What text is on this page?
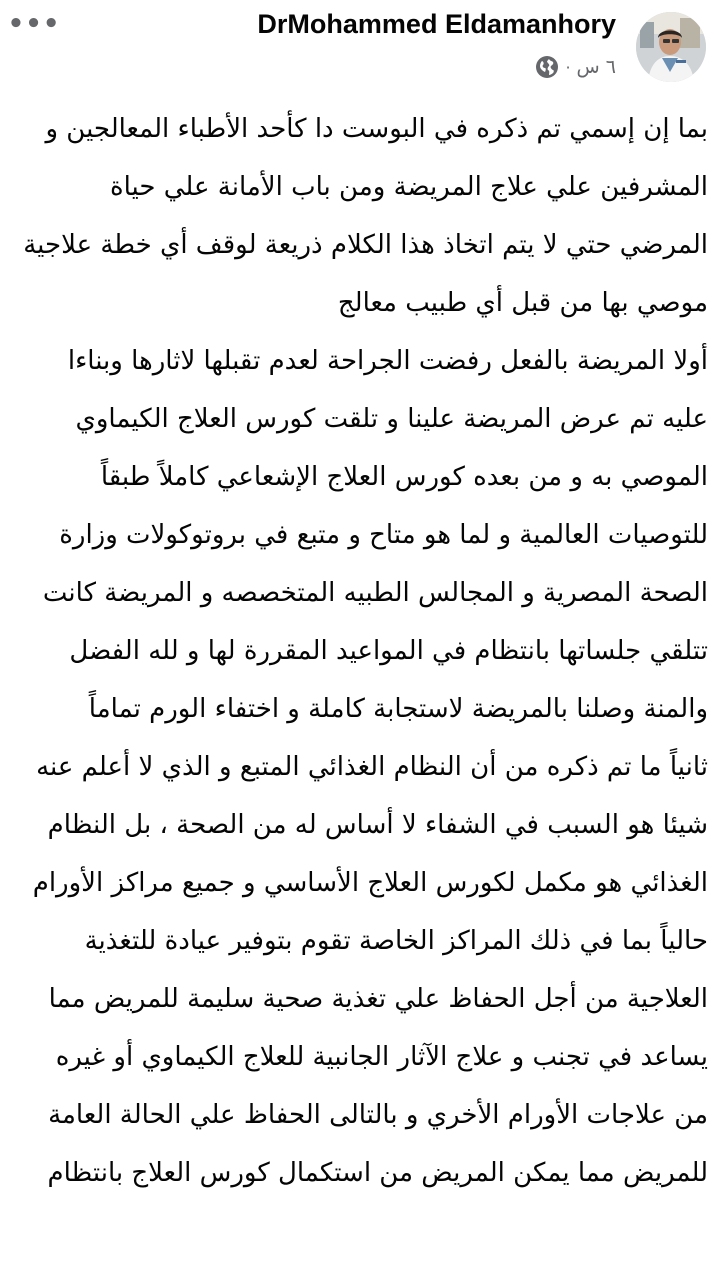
•••	DrMohammed Eldamanhory
٦ س
·

بما إن إسمي تم ذكره في البوست دا كأحد الأطباء المعالجين و المشرفين علي علاج المريضة ومن باب الأمانة علي حياة المرضي حتي لا يتم اتخاذ هذا الكلام ذريعة لوقف أي خطة علاجية موصي بها من قبل أي طبيب معالج

أولا المريضة بالفعل رفضت الجراحة لعدم تقبلها لاثارها وبناءا عليه تم عرض المريضة علينا و تلقت كورس العلاج الكيماوي الموصي به و من بعده كورس العلاج الإشعاعي كاملاً طبقاً للتوصيات العالمية و لما هو متاح و متبع في بروتوكولات وزارة الصحة المصرية و المجالس الطبيه المتخصصه و المريضة كانت تتلقي جلساتها بانتظام في المواعيد المقررة لها و لله الفضل والمنة وصلنا بالمريضة لاستجابة كاملة و اختفاء الورم تماماً

ثانياً ما تم ذكره من أن النظام الغذائي المتبع و الذي لا أعلم عنه شيئا هو السبب في الشفاء لا أساس له من الصحة ، بل النظام الغذائي هو مكمل لكورس العلاج الأساسي و جميع مراكز الأورام حالياً بما في ذلك المراكز الخاصة تقوم بتوفير عيادة للتغذية العلاجية من أجل الحفاظ علي تغذية صحية سليمة للمريض مما يساعد في تجنب و علاج الآثار الجانبية للعلاج الكيماوي أو غيره من علاجات الأورام الأخري و بالتالى الحفاظ علي الحالة العامة للمريض مما يمكن المريض من استكمال كورس العلاج بانتظام
